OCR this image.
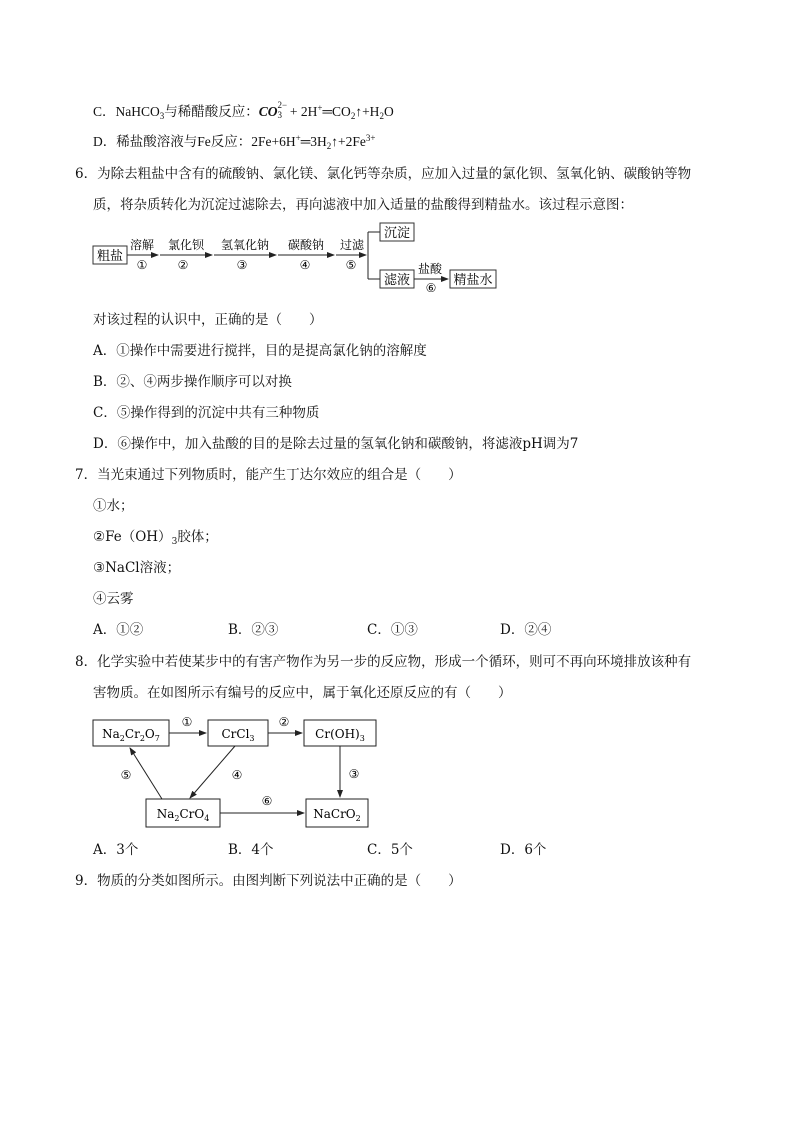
C．NaHCO$_3$与稀醋酸反应：CO 2−
$3 + 2H^+═CO_2↑+H_2O$
D．稀盐酸溶液与Fe反应：$2Fe+6H^+═3H_2↑+2Fe^{3+}$
6．为除去粗盐中含有的硫酸钠、氯化镁、氯化钙等杂质，应加入过量的氯化钡、氢氧化钠、碳酸钠等物
质，将杂质转化为沉淀过滤除去，再向滤液中加入适量的盐酸得到精盐水。该过程示意图：
粗盐
溶解
①
氯化钡
②
氢氧化钠
③
碳酸钠
④
过滤
⑤
沉淀
滤液
盐酸
⑥ 精盐水
对该过程的认识中，正确的是（　　）
A．①操作中需要进行搅拌，目的是提高氯化钠的溶解度
B．②、④两步操作顺序可以对换
C．⑤操作得到的沉淀中共有三种物质
D．⑥操作中，加入盐酸的目的是除去过量的氢氧化钠和碳酸钠，将滤液pH调为7
7．当光束通过下列物质时，能产生丁达尔效应的组合是（　　）
①水；
$②Fe(OH)_3$胶体；
③NaCl溶液；
④云雾
A．①②	B．②③	C．①③	D．②④
8．化学实验中若使某步中的有害产物作为另一步的反应物，形成一个循环，则可不再向环境排放该种有
害物质。在如图所示有编号的反应中，属于氧化还原反应的有（　　）
$Na_2Cr_2O_7$	CrCl$_3$	$Cr(OH)_3$
$Na_2CrO_4$	NaCrO$_2$
①	②
③
④
⑤
⑥
A．3个	B．4个	C．5个	D．6个
9．物质的分类如图所示。由图判断下列说法中正确的是（　　）
